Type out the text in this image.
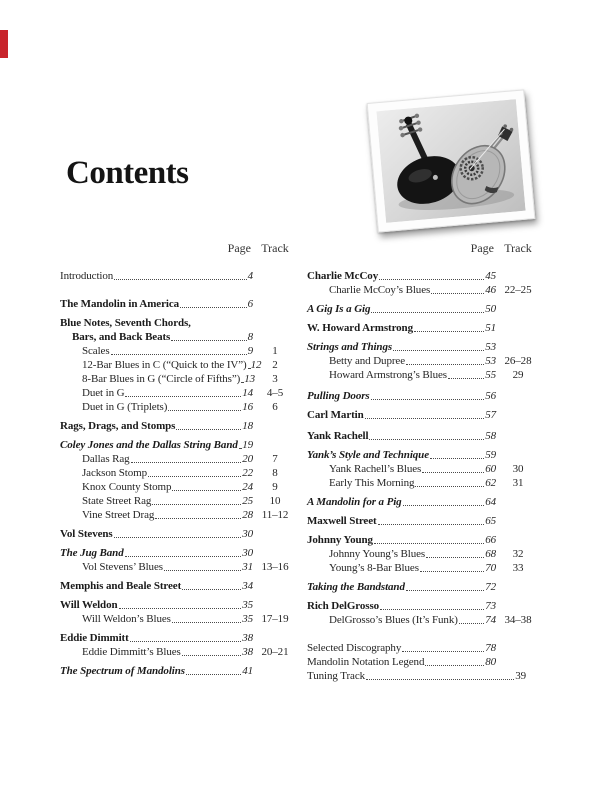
Contents
Page Track
Introduction	4
The Mandolin in America	6
Blue Notes, Seventh Chords,
Bars, and Back Beats	8
Scales	9	1
12-Bar Blues in C (“Quick to the IV”) 12 2
8-Bar Blues in G (“Circle of Fifths”) 13	3
Duet in G	14	4–5
Duet in G (Triplets)	16	6
Rags, Drags, and Stomps	18
Coley Jones and the Dallas String Band 19
Dallas Rag	20	7
Jackson Stomp	22	8
Knox County Stomp	24	9
State Street Rag	25	10
Vine Street Drag	28 11–12
Vol Stevens	30
The Jug Band	30
Vol Stevens’ Blues	31 13–16
Memphis and Beale Street	34
Will Weldon	35
Will Weldon’s Blues	35 17–19
Eddie Dimmitt	38
Eddie Dimmitt’s Blues	38 20–21
The Spectrum of Mandolins	41
Page Track
Charlie McCoy	45
Charlie McCoy’s Blues	46 22–25
A Gig Is a Gig	50
W. Howard Armstrong	51
Strings and Things	53
Betty and Dupree	53 26–28
Howard Armstrong’s Blues	55	29
Pulling Doors	56
Carl Martin	57
Yank Rachell	58
Yank’s Style and Technique	59
Yank Rachell’s Blues	60	30
Early This Morning	62	31
A Mandolin for a Pig	64
Maxwell Street	65
Johnny Young	66
Johnny Young’s Blues	68	32
Young’s 8-Bar Blues	70	33
Taking the Bandstand	72
Rich DelGrosso	73
DelGrosso’s Blues (It’s Funk) 74 34–38
Selected Discography	78
Mandolin Notation Legend	80
Tuning Track	39
